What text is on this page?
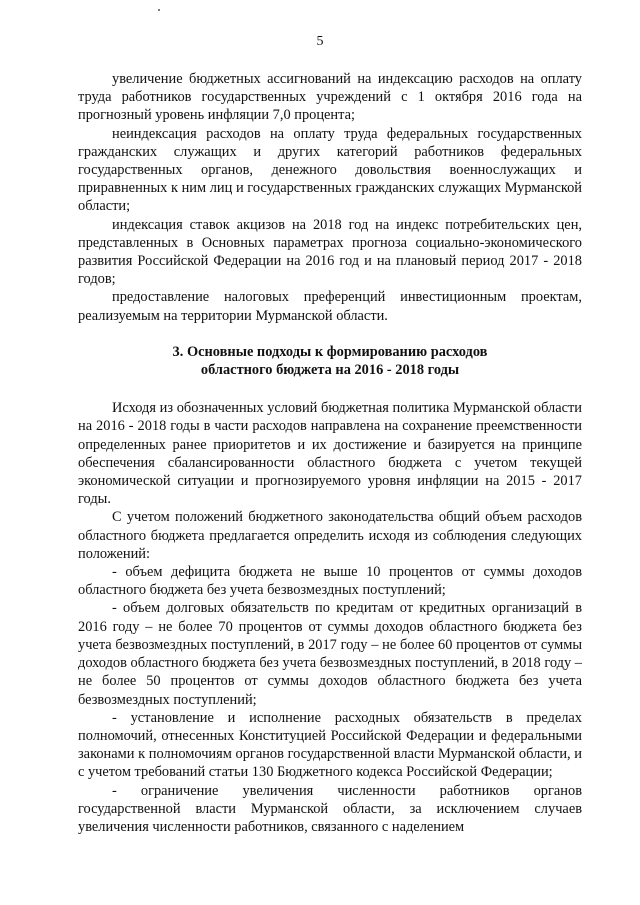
5

увеличение бюджетных ассигнований на индексацию расходов на оплату труда работников государственных учреждений с 1 октября 2016 года на прогнозный уровень инфляции 7,0 процента;

неиндексация расходов на оплату труда федеральных государственных гражданских служащих и других категорий работников федеральных государственных органов, денежного довольствия военнослужащих и приравненных к ним лиц и государственных гражданских служащих Мурманской области;

индексация ставок акцизов на 2018 год на индекс потребительских цен, представленных в Основных параметрах прогноза социально-экономического развития Российской Федерации на 2016 год и на плановый период 2017 - 2018 годов;

предоставление налоговых преференций инвестиционным проектам, реализуемым на территории Мурманской области.

3. Основные подходы к формированию расходов
областного бюджета на 2016 - 2018 годы

Исходя из обозначенных условий бюджетная политика Мурманской области на 2016 - 2018 годы в части расходов направлена на сохранение преемственности определенных ранее приоритетов и их достижение и базируется на принципе обеспечения сбалансированности областного бюджета с учетом текущей экономической ситуации и прогнозируемого уровня инфляции на 2015 - 2017 годы.

С учетом положений бюджетного законодательства общий объем расходов областного бюджета предлагается определить исходя из соблюдения следующих положений:

- объем дефицита бюджета не выше 10 процентов от суммы доходов областного бюджета без учета безвозмездных поступлений;

- объем долговых обязательств по кредитам от кредитных организаций в 2016 году – не более 70 процентов от суммы доходов областного бюджета без учета безвозмездных поступлений, в 2017 году – не более 60 процентов от суммы доходов областного бюджета без учета безвозмездных поступлений, в 2018 году – не более 50 процентов от суммы доходов областного бюджета без учета безвозмездных поступлений;

- установление и исполнение расходных обязательств в пределах полномочий, отнесенных Конституцией Российской Федерации и федеральными законами к полномочиям органов государственной власти Мурманской области, и с учетом требований статьи 130 Бюджетного кодекса Российской Федерации;

- ограничение увеличения численности работников органов государственной власти Мурманской области, за исключением случаев увеличения численности работников, связанного с наделением
